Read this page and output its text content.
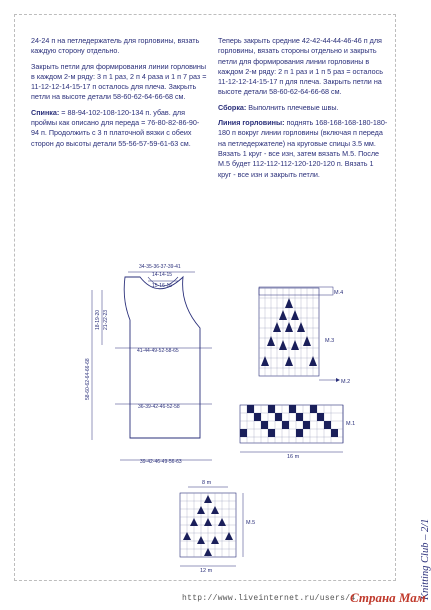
24-24 п на петледержатель для горловины, вязать каждую сторону отдельно.

Закрыть петли для формирования линии горловины в каждом 2-м ряду: 3 п 1 раз, 2 п 4 раза и 1 п 7 раз = 11-12-12-14-15-17 п осталось для плеча. Закрыть петли на высоте детали 58-60-62-64-66-68 см.

Спинка: = 88-94-102-108-120-134 п. убав. для проймы как описано для переда = 76-80-82-86-90-94 п. Продолжить с 3 п платочной вязки с обеих сторон до высоты детали 55-56-57-59-61-63 см.

Теперь закрыть средние 42-42-44-44-46-46 п для горловины, вязать стороны отдельно и закрыть петли для формирования линии горловины в каждом 2-м ряду: 2 п 1 раз и 1 п 5 раз = осталось 11-12-12-14-15-17 п для плеча. Закрыть петли на высоте детали 58-60-62-64-66-68 см.

Сборка: Выполнить плечевые швы.

Линия горловины: поднять 168-168-168-180-180-180 п вокруг линии горловины (включая п переда на петледержателе) на круговые спицы 3.5 мм. Вязать 1 круг - все изн, затем вязать М.5. После М.5 будет 112-112-112-120-120-120 п. Вязать 1 круг - все изн и закрыть петли.

34-35-36-37-39-41
14-14-15
15-16-16
41-44-49-52-58-65
36-39-42-46-52-58
39-42-46-49-56-63
18-19-20 21-22-23
58-60-62-64-66-68
M.4
M.3
M.2
16 m
M.1
8 m
M.5
12 m	Knitting Club – 2/1
http://www.liveinternet.ru/users/4
Страна Мам
